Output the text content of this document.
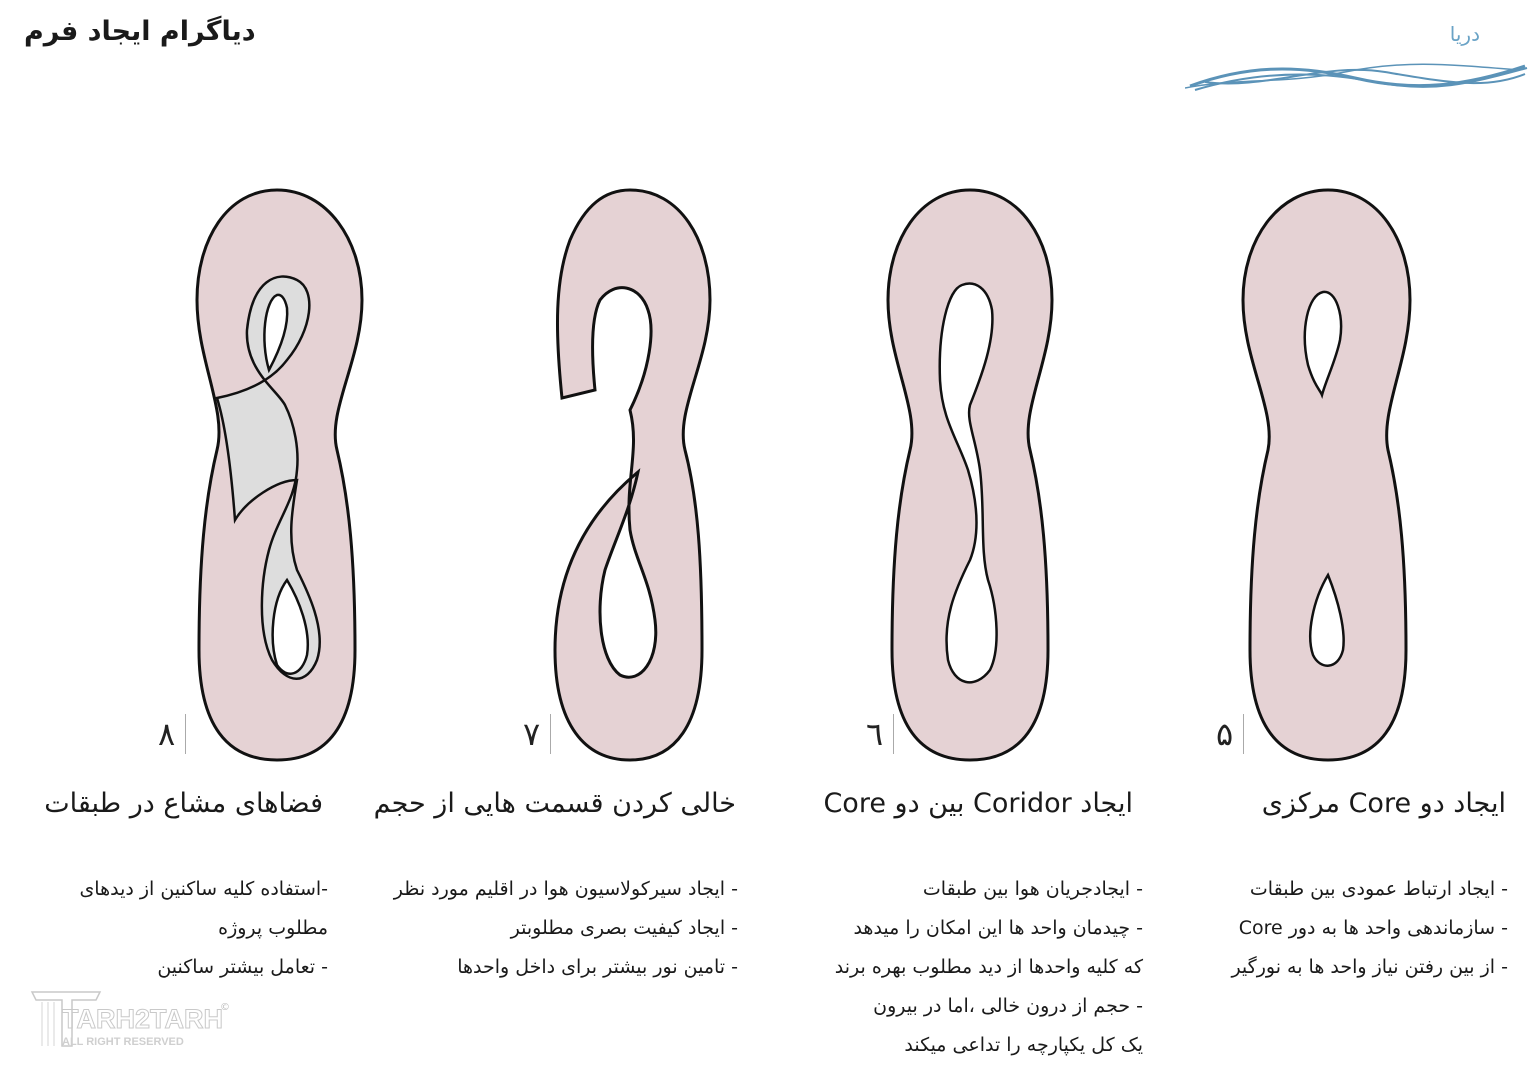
دیاگرام ایجاد فرم	دریا
۸	۷	٦	۵
ایجاد دو Core مرکزی
ایجاد Coridor بین دو Core
خالی کردن قسمت هایی از حجم
فضاهای مشاع در طبقات
- ایجاد ارتباط عمودی بین طبقات
- سازماندهی واحد ها به دور Core
- از بین رفتن نیاز واحد ها به نورگیر
- ایجادجریان هوا بین طبقات
- چیدمان واحد ها این امکان را میدهد
که کلیه واحدها از دید مطلوب بهره برند
- حجم از درون خالی ،اما در بیرون
یک کل یکپارچه را تداعی میکند
- ایجاد سیرکولاسیون هوا در اقلیم مورد نظر
- ایجاد کیفیت بصری مطلوبتر
- تامین نور بیشتر برای داخل واحدها
-استفاده کلیه ساکنین از دیدهای
مطلوب پروژه
- تعامل بیشتر ساکنین
TARH2TARH
ALL RIGHT RESERVED
©
